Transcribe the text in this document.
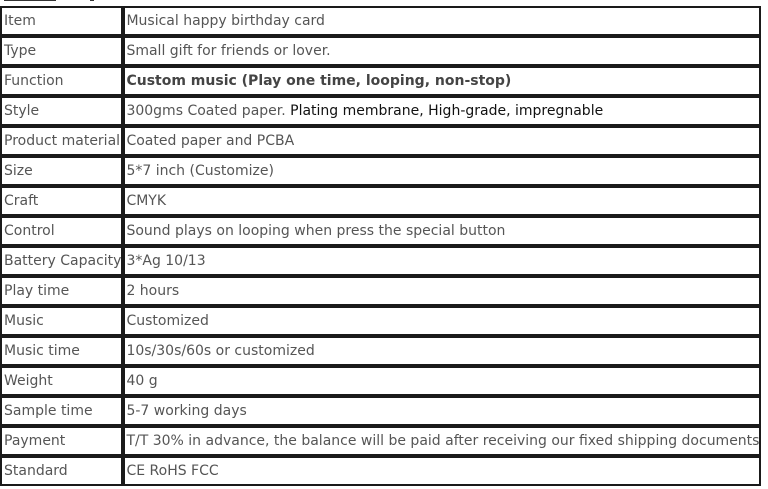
Item	Musical happy birthday card
Type	Small gift for friends or lover.
Function	Custom music (Play one time, looping, non-stop)
Style	300gms Coated paper. Plating membrane, High-grade, impregnable
Product material	Coated paper and PCBA
Size	5*7 inch (Customize)
Craft	CMYK
Control	Sound plays on looping when press the special button
Battery Capacity	3*Ag 10/13
Play time	2 hours
Music	Customized
Music time	10s/30s/60s or customized
Weight	40 g
Sample time	5-7 working days
Payment	T/T 30% in advance, the balance will be paid after receiving our fixed shipping documents
Standard	CE RoHS FCC
